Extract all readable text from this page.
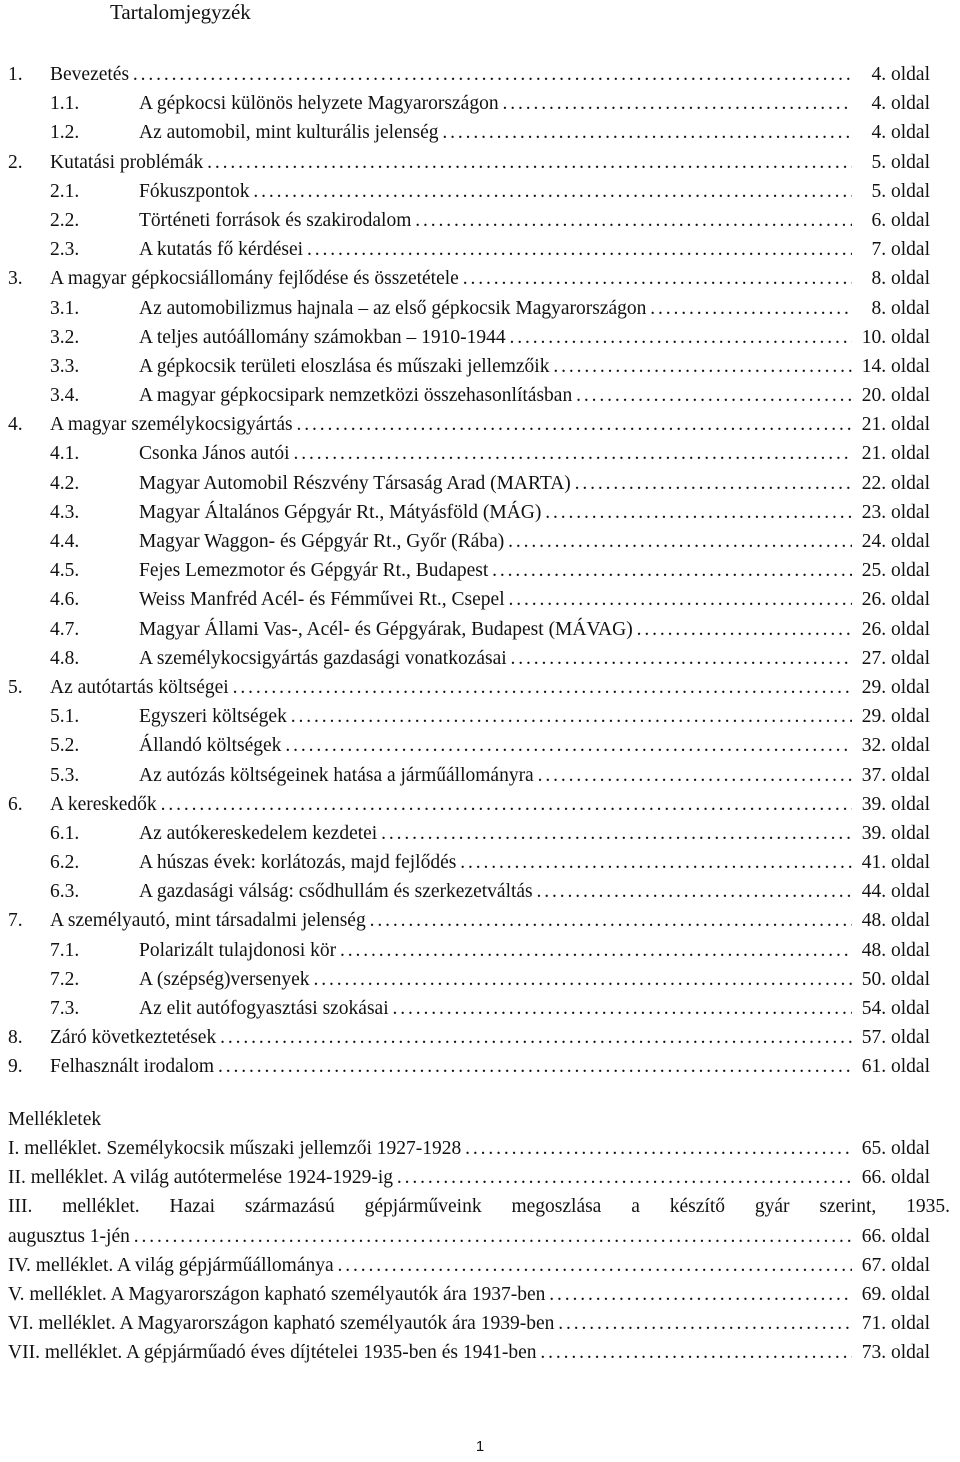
Tartalomjegyzék
1. Bevezetés . . .	4. oldal
1.1.	A gépkocsi különös helyzete Magyarországon . . .	4. oldal
1.2.	Az automobil, mint kulturális jelenség . . .	4. oldal
2. Kutatási problémák . . .	5. oldal
2.1.	Fókuszpontok . . .	5. oldal
2.2.	Történeti források és szakirodalom . . .	6. oldal
2.3.	A kutatás fő kérdései . . .	7. oldal
3. A magyar gépkocsiállomány fejlődése és összetétele . . .	8. oldal
3.1.	Az automobilizmus hajnala – az első gépkocsik Magyarországon . . .	8. oldal
3.2.	A teljes autóállomány számokban – 1910-1944 . . .	10. oldal
3.3.	A gépkocsik területi eloszlása és műszaki jellemzőik . . .	14. oldal
3.4.	A magyar gépkocsipark nemzetközi összehasonlításban . . .	20. oldal
4. A magyar személykocsigyártás . . .	21. oldal
4.1.	Csonka János autói . . .	21. oldal
4.2.	Magyar Automobil Részvény Társaság Arad (MARTA) . . .	22. oldal
4.3.	Magyar Általános Gépgyár Rt., Mátyásföld (MÁG) . . .	23. oldal
4.4.	Magyar Waggon- és Gépgyár Rt., Győr (Rába) . . .	24. oldal
4.5.	Fejes Lemezmotor és Gépgyár Rt., Budapest . . .	25. oldal
4.6.	Weiss Manfréd Acél- és Fémművei Rt., Csepel . . .	26. oldal
4.7.	Magyar Állami Vas-, Acél- és Gépgyárak, Budapest (MÁVAG) . . .	26. oldal
4.8.	A személykocsigyártás gazdasági vonatkozásai . . .	27. oldal
5. Az autótartás költségei . . .	29. oldal
5.1.	Egyszeri költségek . . .	29. oldal
5.2.	Állandó költségek . . .	32. oldal
5.3.	Az autózás költségeinek hatása a járműállományra . . .	37. oldal
6. A kereskedők . . .	39. oldal
6.1.	Az autókereskedelem kezdetei . . .	39. oldal
6.2.	A húszas évek: korlátozás, majd fejlődés . . .	41. oldal
6.3.	A gazdasági válság: csődhullám és szerkezetváltás . . .	44. oldal
7. A személyautó, mint társadalmi jelenség . . .	48. oldal
7.1.	Polarizált tulajdonosi kör . . .	48. oldal
7.2.	A (szépség)versenyek . . .	50. oldal
7.3.	Az elit autófogyasztási szokásai . . .	54. oldal
8. Záró következtetések . . .	57. oldal
9. Felhasznált irodalom . . .	61. oldal
Mellékletek
I. melléklet. Személykocsik műszaki jellemzői 1927-1928 . . .	65. oldal
II. melléklet. A világ autótermelése 1924-1929-ig . . .	66. oldal
III. melléklet. Hazai származású gépjárműveink megoszlása a készítő gyár szerint, 1935.
augusztus 1-jén . . .	66. oldal
IV. melléklet. A világ gépjárműállománya . . .	67. oldal
V. melléklet. A Magyarországon kapható személyautók ára 1937-ben . . .	69. oldal
VI. melléklet. A Magyarországon kapható személyautók ára 1939-ben . . .	71. oldal
VII. melléklet. A gépjárműadó éves díjtételei 1935-ben és 1941-ben . . .	73. oldal
1
